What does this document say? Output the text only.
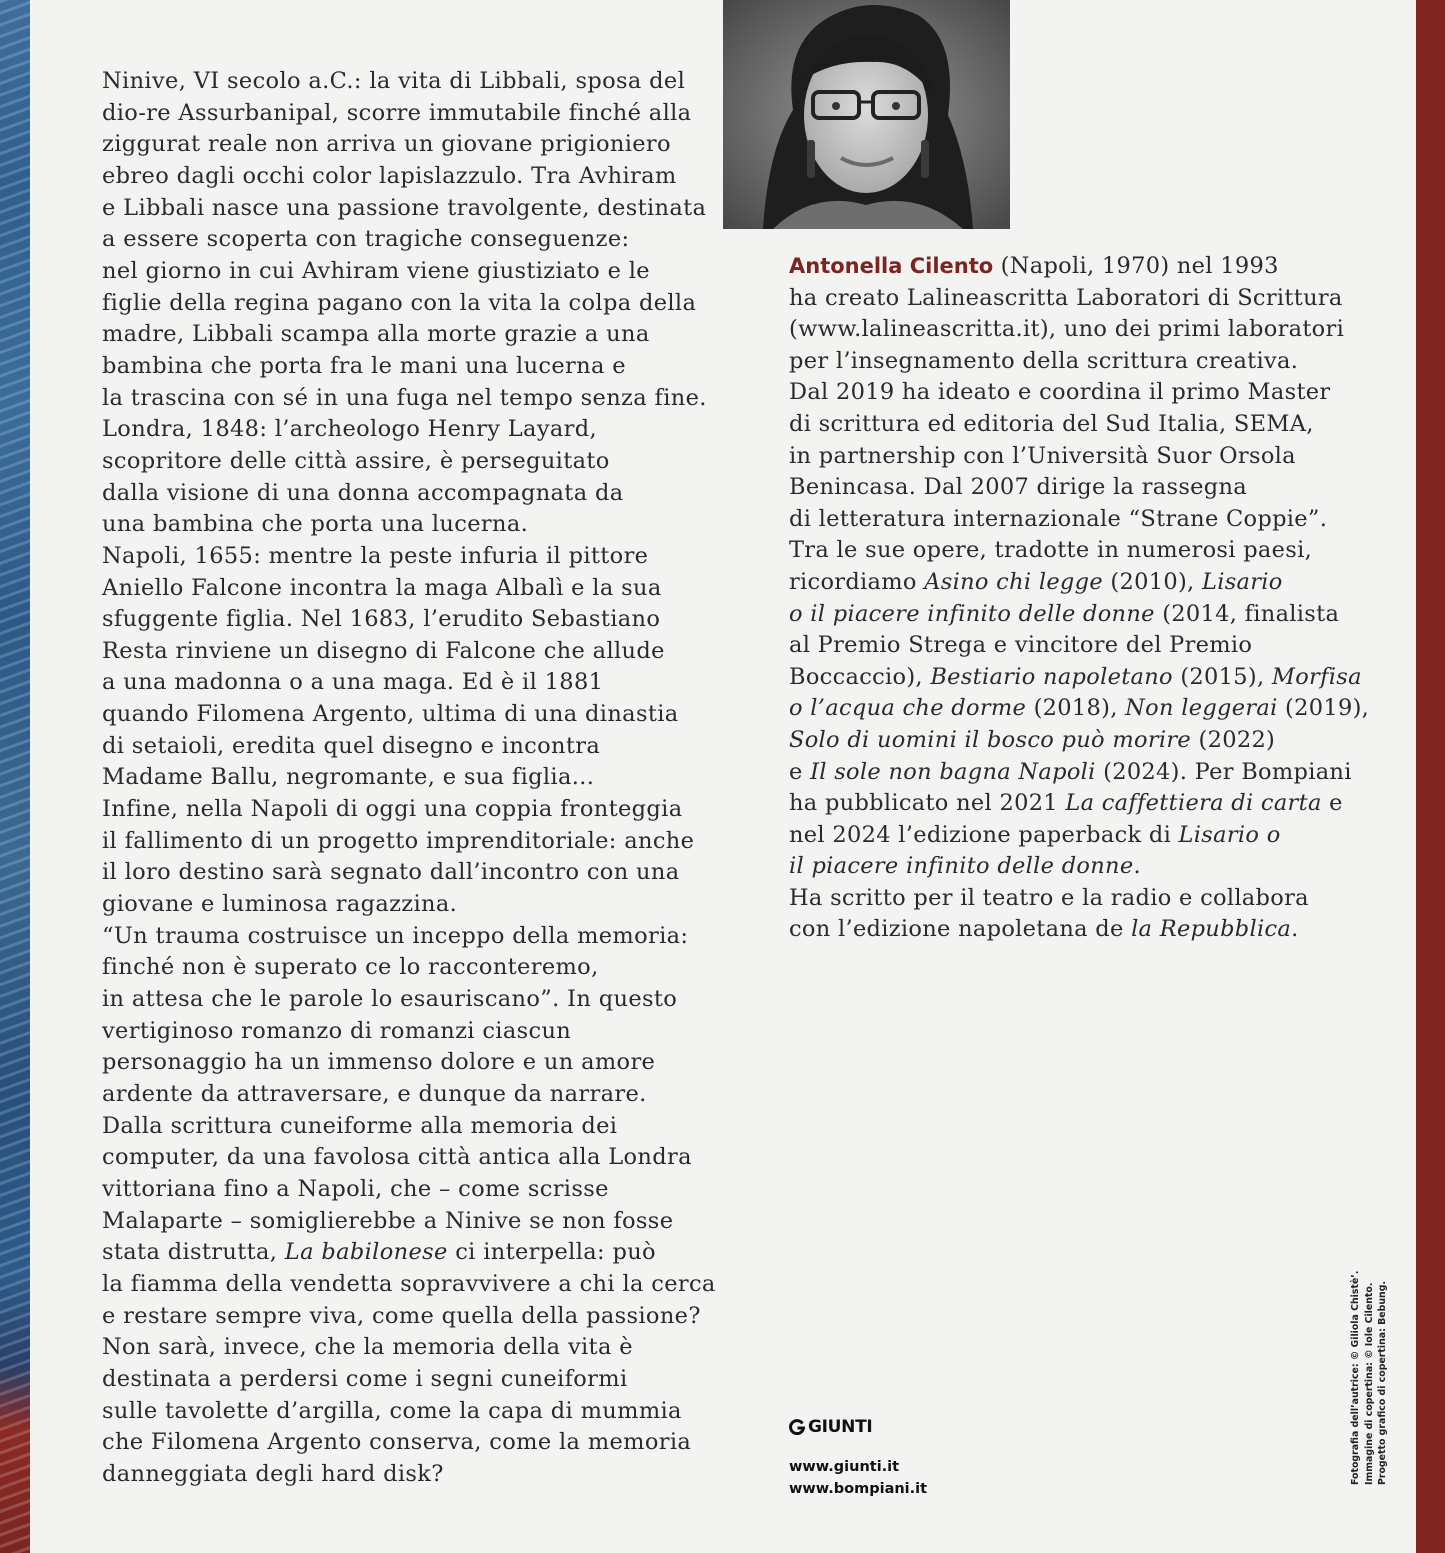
Ninive, VI secolo a.C.: la vita di Libbali, sposa del

dio-re Assurbanipal, scorre immutabile finché alla

ziggurat reale non arriva un giovane prigioniero

ebreo dagli occhi color lapislazzulo. Tra Avhiram

e Libbali nasce una passione travolgente, destinata

a essere scoperta con tragiche conseguenze:

nel giorno in cui Avhiram viene giustiziato e le

figlie della regina pagano con la vita la colpa della

madre, Libbali scampa alla morte grazie a una

bambina che porta fra le mani una lucerna e

la trascina con sé in una fuga nel tempo senza fine.

Londra, 1848: l’archeologo Henry Layard,

scopritore delle città assire, è perseguitato

dalla visione di una donna accompagnata da

una bambina che porta una lucerna.

Napoli, 1655: mentre la peste infuria il pittore

Aniello Falcone incontra la maga Albalì e la sua

sfuggente figlia. Nel 1683, l’erudito Sebastiano

Resta rinviene un disegno di Falcone che allude

a una madonna o a una maga. Ed è il 1881

quando Filomena Argento, ultima di una dinastia

di setaioli, eredita quel disegno e incontra

Madame Ballu, negromante, e sua figlia...

Infine, nella Napoli di oggi una coppia fronteggia

il fallimento di un progetto imprenditoriale: anche

il loro destino sarà segnato dall’incontro con una

giovane e luminosa ragazzina.

“Un trauma costruisce un inceppo della memoria:

finché non è superato ce lo racconteremo,

in attesa che le parole lo esauriscano”. In questo

vertiginoso romanzo di romanzi ciascun

personaggio ha un immenso dolore e un amore

ardente da attraversare, e dunque da narrare.

Dalla scrittura cuneiforme alla memoria dei

computer, da una favolosa città antica alla Londra

vittoriana fino a Napoli, che – come scrisse

Malaparte – somiglierebbe a Ninive se non fosse

stata distrutta, La babilonese ci interpella: può

la fiamma della vendetta sopravvivere a chi la cerca

e restare sempre viva, come quella della passione?

Non sarà, invece, che la memoria della vita è

destinata a perdersi come i segni cuneiformi

sulle tavolette d’argilla, come la capa di mummia

che Filomena Argento conserva, come la memoria

danneggiata degli hard disk?

Antonella Cilento (Napoli, 1970) nel 1993

ha creato Lalineascritta Laboratori di Scrittura

(www.lalineascritta.it), uno dei primi laboratori

per l’insegnamento della scrittura creativa.

Dal 2019 ha ideato e coordina il primo Master

di scrittura ed editoria del Sud Italia, SEMA,

in partnership con l’Università Suor Orsola

Benincasa. Dal 2007 dirige la rassegna

di letteratura internazionale “Strane Coppie”.

Tra le sue opere, tradotte in numerosi paesi,

ricordiamo Asino chi legge (2010), Lisario

o il piacere infinito delle donne (2014, finalista

al Premio Strega e vincitore del Premio

Boccaccio), Bestiario napoletano (2015), Morfisa

o l’acqua che dorme (2018), Non leggerai (2019),

Solo di uomini il bosco può morire (2022)

e Il sole non bagna Napoli (2024). Per Bompiani

ha pubblicato nel 2021 La caffettiera di carta e

nel 2024 l’edizione paperback di Lisario o

il piacere infinito delle donne.

Ha scritto per il teatro e la radio e collabora

con l’edizione napoletana de la Repubblica.

GIUNTI
www.giunti.it
www.bompiani.it
Fotografia dell’autrice: © Giliola Chistè’. Immagine di copertina: © Iole Cilento. Progetto grafico di copertina: Bebung.
